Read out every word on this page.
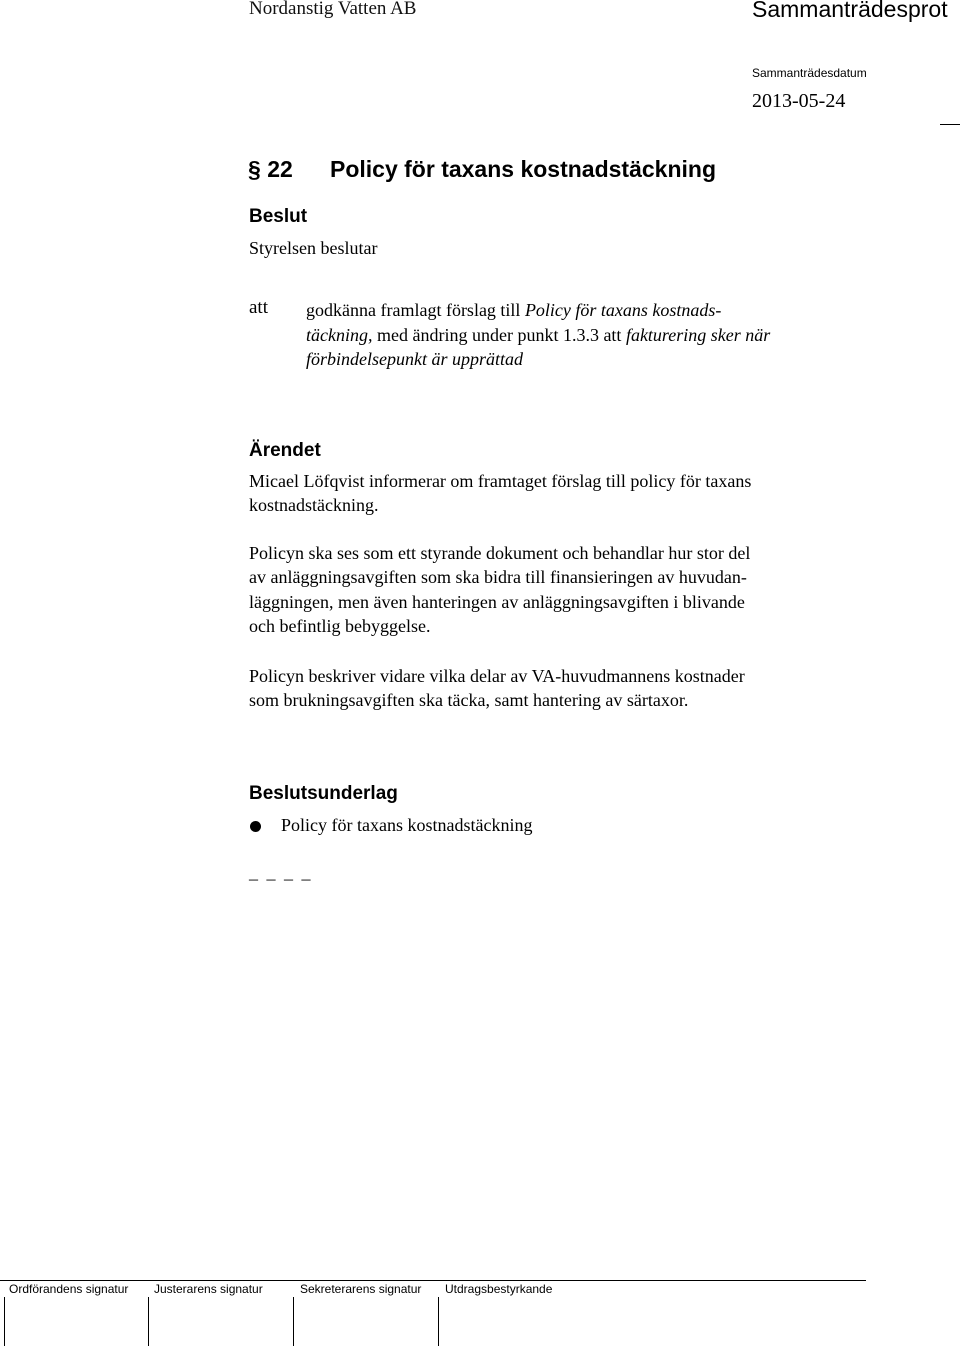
Nordanstig Vatten AB	Sammanträdesprot
Sammanträdesdatum
2013-05-24
§ 22 Policy för taxans kostnadstäckning
Beslut
Styrelsen beslutar
att godkänna framlagt förslag till Policy för taxans kostnads-
täckning, med ändring under punkt 1.3.3 att fakturering sker när
förbindelsepunkt är upprättad
Ärendet
Micael Löfqvist informerar om framtaget förslag till policy för taxans
kostnadstäckning.
Policyn ska ses som ett styrande dokument och behandlar hur stor del
av anläggningsavgiften som ska bidra till finansieringen av huvudan-
läggningen, men även hanteringen av anläggningsavgiften i blivande
och befintlig bebyggelse.
Policyn beskriver vidare vilka delar av VA-huvudmannens kostnader
som brukningsavgiften ska täcka, samt hantering av särtaxor.
Beslutsunderlag
Policy för taxans kostnadstäckning
_ _ _ _
Ordförandens signatur Justerarens signatur	Sekreterarens signatur Utdragsbestyrkande
